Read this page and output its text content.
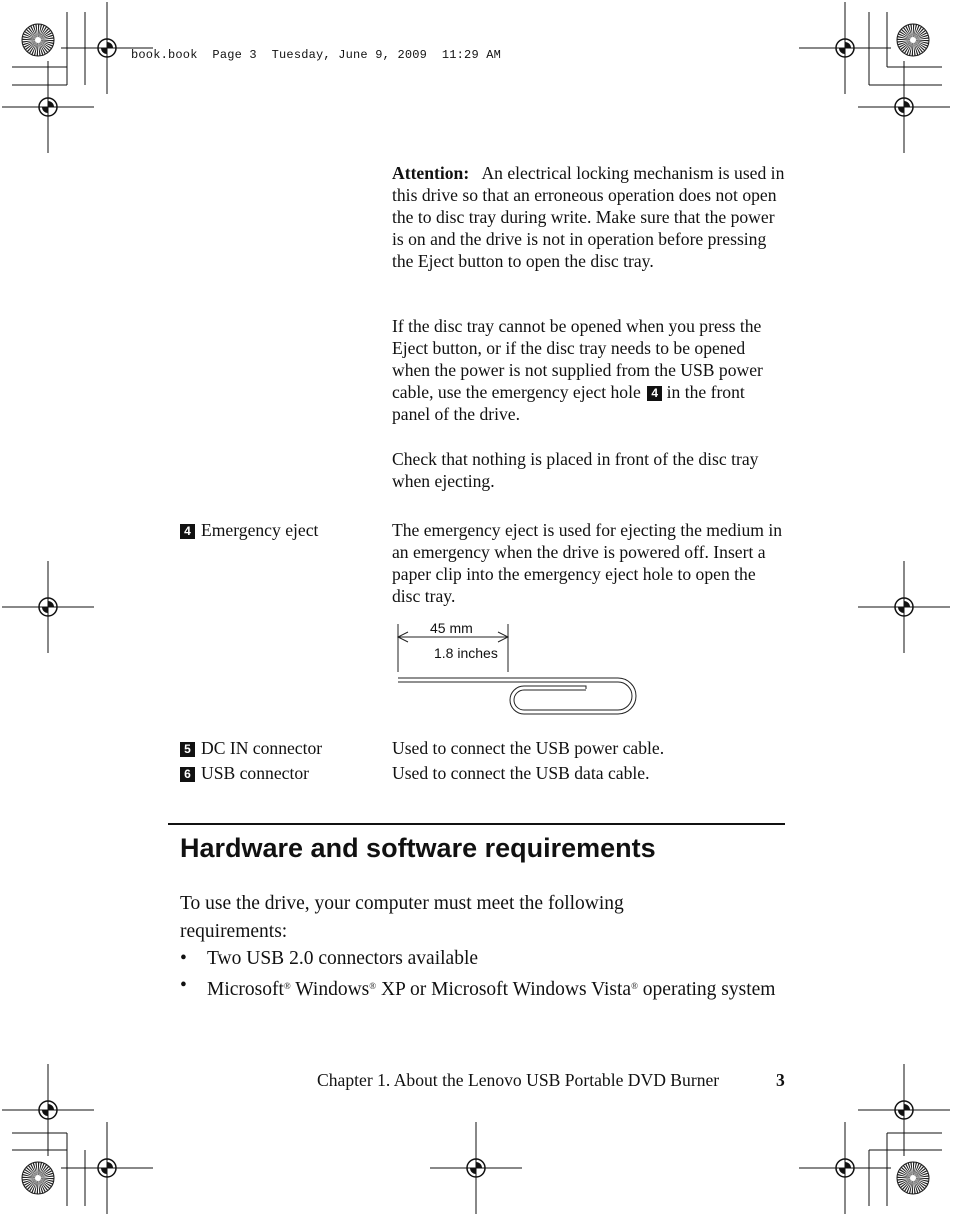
book.book  Page 3  Tuesday, June 9, 2009  11:29 AM
Attention: An electrical locking mechanism is used in this drive so that an erroneous operation does not open the to disc tray during write. Make sure that the power is on and the drive is not in operation before pressing the Eject button to open the disc tray.
If the disc tray cannot be opened when you press the Eject button, or if the disc tray needs to be opened when the power is not supplied from the USB power cable, use the emergency eject hole 4 in the front panel of the drive.
Check that nothing is placed in front of the disc tray when ejecting.
4 Emergency eject	The emergency eject is used for ejecting the medium in an emergency when the drive is powered off. Insert a paper clip into the emergency eject hole to open the disc tray.
45 mm
1.8 inches
5 DC IN connector	Used to connect the USB power cable.
6 USB connector	Used to connect the USB data cable.
Hardware and software requirements
To use the drive, your computer must meet the following requirements:
• Two USB 2.0 connectors available
• Microsoft® Windows® XP or Microsoft Windows Vista® operating system
Chapter 1. About the Lenovo USB Portable DVD Burner	3
